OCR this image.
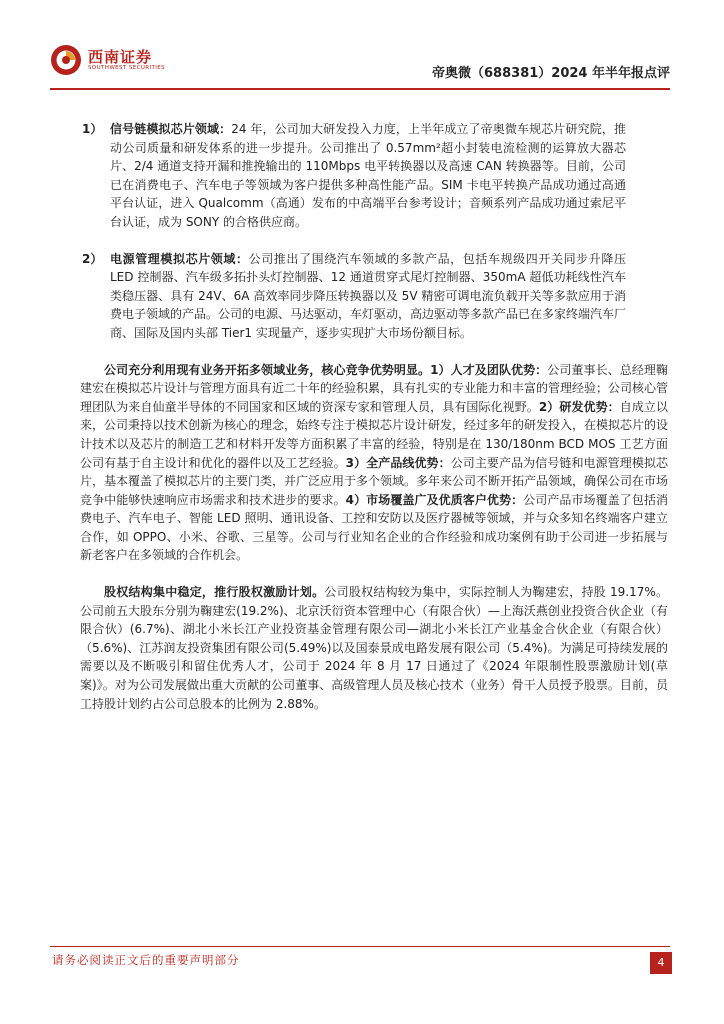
西南证券
SOUTHWEST SECURITIES	帝奥微（688381）2024 年半年报点评

1） 信号链模拟芯片领域：24 年，公司加大研发投入力度，上半年成立了帝奥微车规芯片研究院，推动公司质量和研发体系的进一步提升。公司推出了 0.57mm²超小封装电流检测的运算放大器芯片、2/4 通道支持开漏和推挽输出的 110Mbps 电平转换器以及高速 CAN 转换器等。目前，公司已在消费电子、汽车电子等领域为客户提供多种高性能产品。SIM 卡电平转换产品成功通过高通平台认证，进入 Qualcomm（高通）发布的中高端平台参考设计；音频系列产品成功通过索尼平台认证，成为 SONY 的合格供应商。

2） 电源管理模拟芯片领域：公司推出了围绕汽车领域的多款产品，包括车规级四开关同步升降压 LED 控制器、汽车级多拓扑头灯控制器、12 通道贯穿式尾灯控制器、350mA 超低功耗线性汽车类稳压器、具有 24V、6A 高效率同步降压转换器以及 5V 精密可调电流负载开关等多款应用于消费电子领域的产品。公司的电源、马达驱动，车灯驱动，高边驱动等多款产品已在多家终端汽车厂商、国际及国内头部 Tier1 实现量产，逐步实现扩大市场份额目标。

公司充分利用现有业务开拓多领域业务，核心竞争优势明显。1）人才及团队优势：公司董事长、总经理鞠建宏在模拟芯片设计与管理方面具有近二十年的经验积累，具有扎实的专业能力和丰富的管理经验；公司核心管理团队为来自仙童半导体的不同国家和区域的资深专家和管理人员，具有国际化视野。2）研发优势：自成立以来，公司秉持以技术创新为核心的理念，始终专注于模拟芯片设计研发，经过多年的研发投入，在模拟芯片的设计技术以及芯片的制造工艺和材料开发等方面积累了丰富的经验，特别是在 130/180nm BCD MOS 工艺方面公司有基于自主设计和优化的器件以及工艺经验。3）全产品线优势：公司主要产品为信号链和电源管理模拟芯片，基本覆盖了模拟芯片的主要门类，并广泛应用于多个领域。多年来公司不断开拓产品领域，确保公司在市场竞争中能够快速响应市场需求和技术进步的要求。4）市场覆盖广及优质客户优势：公司产品市场覆盖了包括消费电子、汽车电子、智能 LED 照明、通讯设备、工控和安防以及医疗器械等领域，并与众多知名终端客户建立合作，如 OPPO、小米、谷歌、三星等。公司与行业知名企业的合作经验和成功案例有助于公司进一步拓展与新老客户在多领域的合作机会。

股权结构集中稳定，推行股权激励计划。公司股权结构较为集中，实际控制人为鞠建宏，持股 19.17%。公司前五大股东分别为鞠建宏(19.2%)、北京沃衍资本管理中心（有限合伙）—上海沃燕创业投资合伙企业（有限合伙）(6.7%)、湖北小米长江产业投资基金管理有限公司—湖北小米长江产业基金合伙企业（有限合伙）（5.6%)、江苏润友投资集团有限公司(5.49%)以及国泰景成电路发展有限公司（5.4%)。为满足可持续发展的需要以及不断吸引和留住优秀人才，公司于 2024 年 8 月 17 日通过了《2024 年限制性股票激励计划(草案)》。对为公司发展做出重大贡献的公司董事、高级管理人员及核心技术（业务）骨干人员授予股票。目前，员工持股计划约占公司总股本的比例为 2.88%。

请务必阅读正文后的重要声明部分	4
